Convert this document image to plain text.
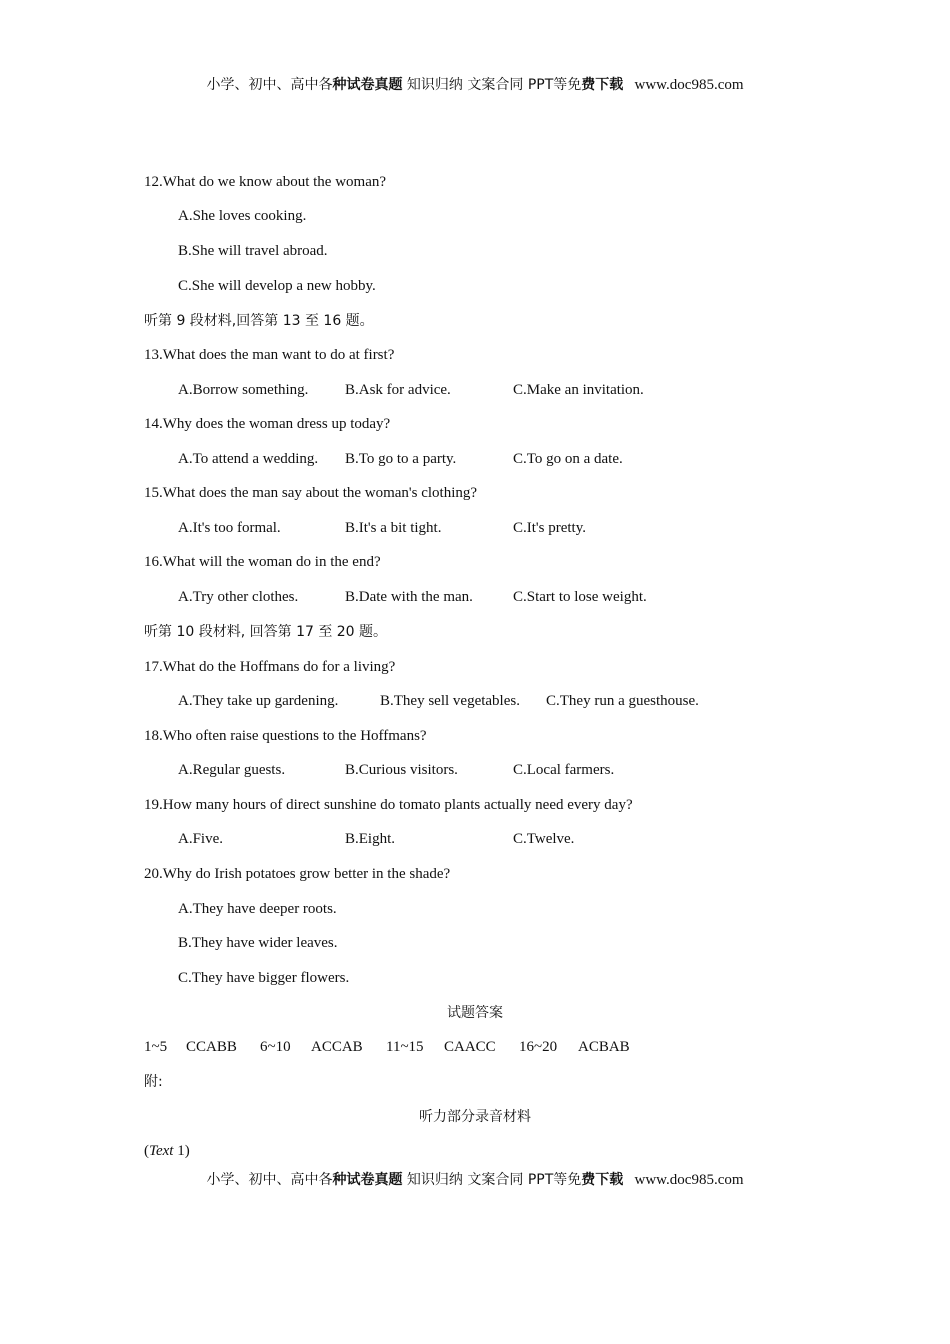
小学、初中、高中各种试卷真题 知识归纳 文案合同 PPT等免费下载 www.doc985.com
12.What do we know about the woman?
A.She loves cooking.
B.She will travel abroad.
C.She will develop a new hobby.
听第 9 段材料,回答第 13 至 16 题。
13.What does the man want to do at first?
A.Borrow something. B.Ask for advice.	C.Make an invitation.
14.Why does the woman dress up today?
A.To attend a wedding. B.To go to a party.	C.To go on a date.
15.What does the man say about the woman's clothing?
A.It's too formal.	B.It's a bit tight.	C.It's pretty.
16.What will the woman do in the end?
A.Try other clothes.	B.Date with the man.	C.Start to lose weight.
听第 10 段材料, 回答第 17 至 20 题。
17.What do the Hoffmans do for a living?
A.They take up gardening.	B.They sell vegetables. C.They run a guesthouse.
18.Who often raise questions to the Hoffmans?
A.Regular guests.	B.Curious visitors.	C.Local farmers.
19.How many hours of direct sunshine do tomato plants actually need every day?
A.Five.	B.Eight.	C.Twelve.
20.Why do Irish potatoes grow better in the shade?
A.They have deeper roots.
B.They have wider leaves.
C.They have bigger flowers.
试题答案
1~5 CCABB 6~10 ACCAB 11~15 CAACC 16~20 ACBAB
附:
听力部分录音材料
(Text 1)
小学、初中、高中各种试卷真题 知识归纳 文案合同 PPT等免费下载 www.doc985.com
